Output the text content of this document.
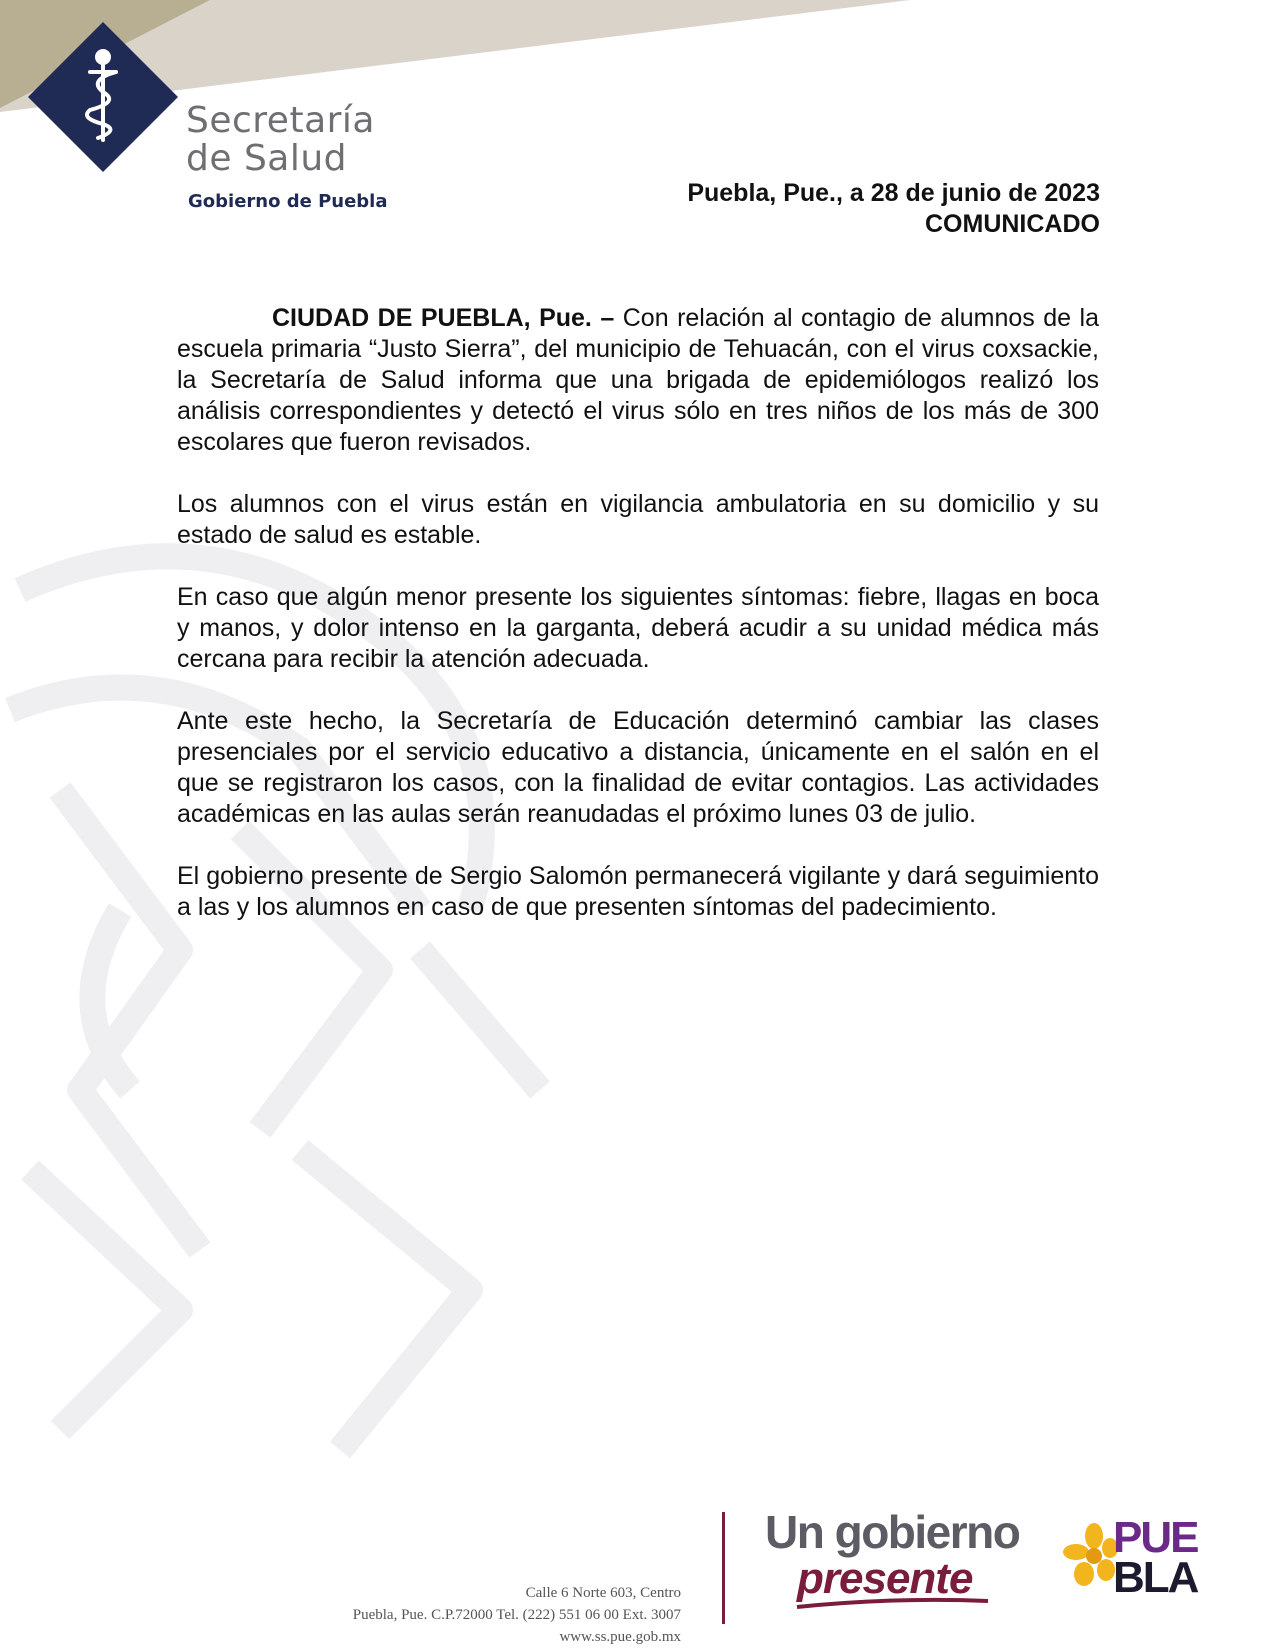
Secretaría
de Salud
Gobierno de Puebla	Puebla, Pue., a 28 de junio de 2023
COMUNICADO

CIUDAD DE PUEBLA, Pue. – Con relación al contagio de alumnos de la escuela primaria “Justo Sierra”, del municipio de Tehuacán, con el virus coxsackie, la Secretaría de Salud informa que una brigada de epidemiólogos realizó los análisis correspondientes y detectó el virus sólo en tres niños de los más de 300 escolares que fueron revisados.

Los alumnos con el virus están en vigilancia ambulatoria en su domicilio y su estado de salud es estable.

En caso que algún menor presente los siguientes síntomas: fiebre, llagas en boca y manos, y dolor intenso en la garganta, deberá acudir a su unidad médica más cercana para recibir la atención adecuada.

Ante este hecho, la Secretaría de Educación determinó cambiar las clases presenciales por el servicio educativo a distancia, únicamente en el salón en el que se registraron los casos, con la finalidad de evitar contagios. Las actividades académicas en las aulas serán reanudadas el próximo lunes 03 de julio.

El gobierno presente de Sergio Salomón permanecerá vigilante y dará seguimiento a las y los alumnos en caso de que presenten síntomas del padecimiento.

Calle 6 Norte 603, Centro
Puebla, Pue. C.P.72000 Tel. (222) 551 06 00 Ext. 3007
www.ss.pue.gob.mx
Un gobierno
presente
PUE
BLA
